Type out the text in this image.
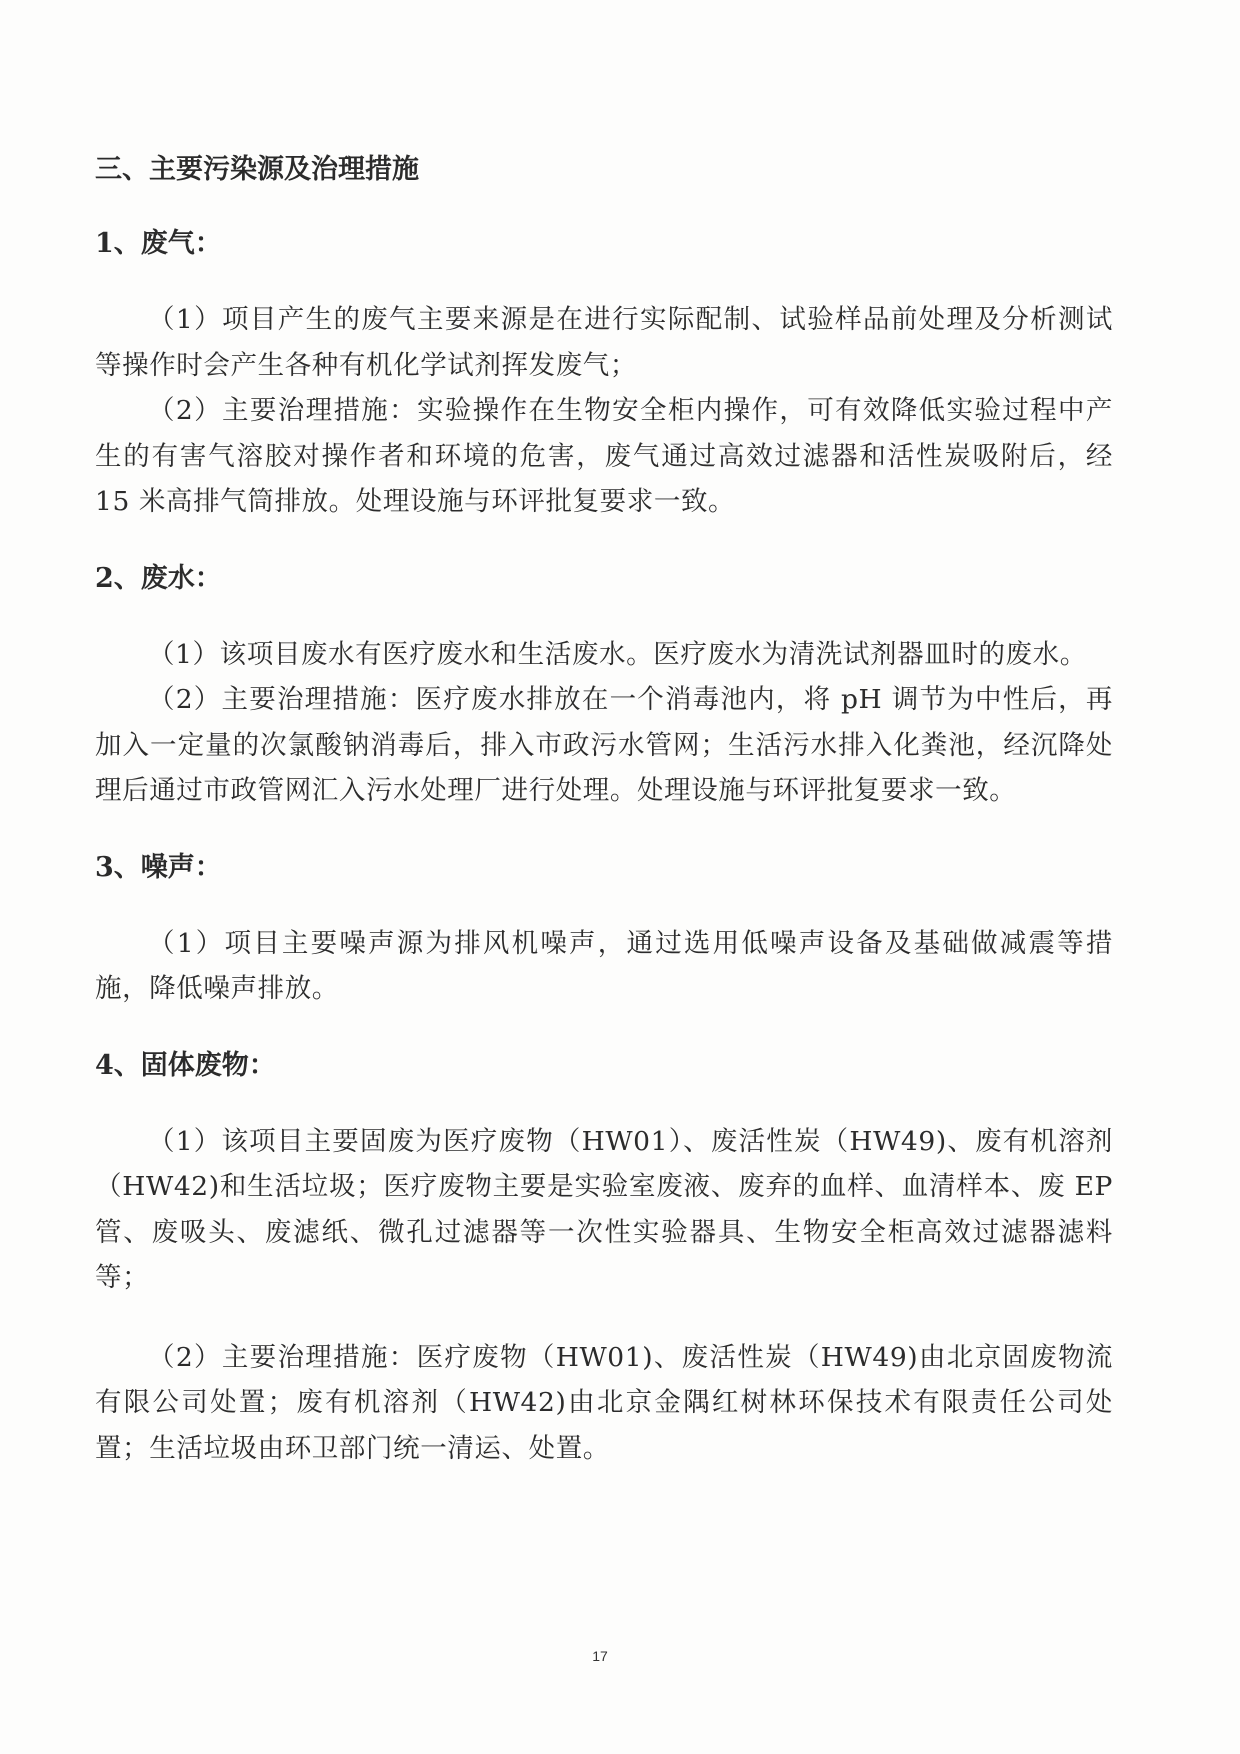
三、主要污染源及治理措施
1、废气：

（1）项目产生的废气主要来源是在进行实际配制、试验样品前处理及分析测试等操作时会产生各种有机化学试剂挥发废气；

（2）主要治理措施：实验操作在生物安全柜内操作，可有效降低实验过程中产生的有害气溶胶对操作者和环境的危害，废气通过高效过滤器和活性炭吸附后，经 15 米高排气筒排放。处理设施与环评批复要求一致。

2、废水：

（1）该项目废水有医疗废水和生活废水。医疗废水为清洗试剂器皿时的废水。

（2）主要治理措施：医疗废水排放在一个消毒池内，将 pH 调节为中性后，再加入一定量的次氯酸钠消毒后，排入市政污水管网；生活污水排入化粪池，经沉降处理后通过市政管网汇入污水处理厂进行处理。处理设施与环评批复要求一致。

3、噪声：

（1）项目主要噪声源为排风机噪声，通过选用低噪声设备及基础做减震等措施，降低噪声排放。

4、固体废物：

（1）该项目主要固废为医疗废物（HW01）、废活性炭（HW49)、废有机溶剂（HW42)和生活垃圾；医疗废物主要是实验室废液、废弃的血样、血清样本、废 EP 管、废吸头、废滤纸、微孔过滤器等一次性实验器具、生物安全柜高效过滤器滤料等；

（2）主要治理措施：医疗废物（HW01)、废活性炭（HW49)由北京固废物流有限公司处置；废有机溶剂（HW42)由北京金隅红树林环保技术有限责任公司处置；生活垃圾由环卫部门统一清运、处置。

17
